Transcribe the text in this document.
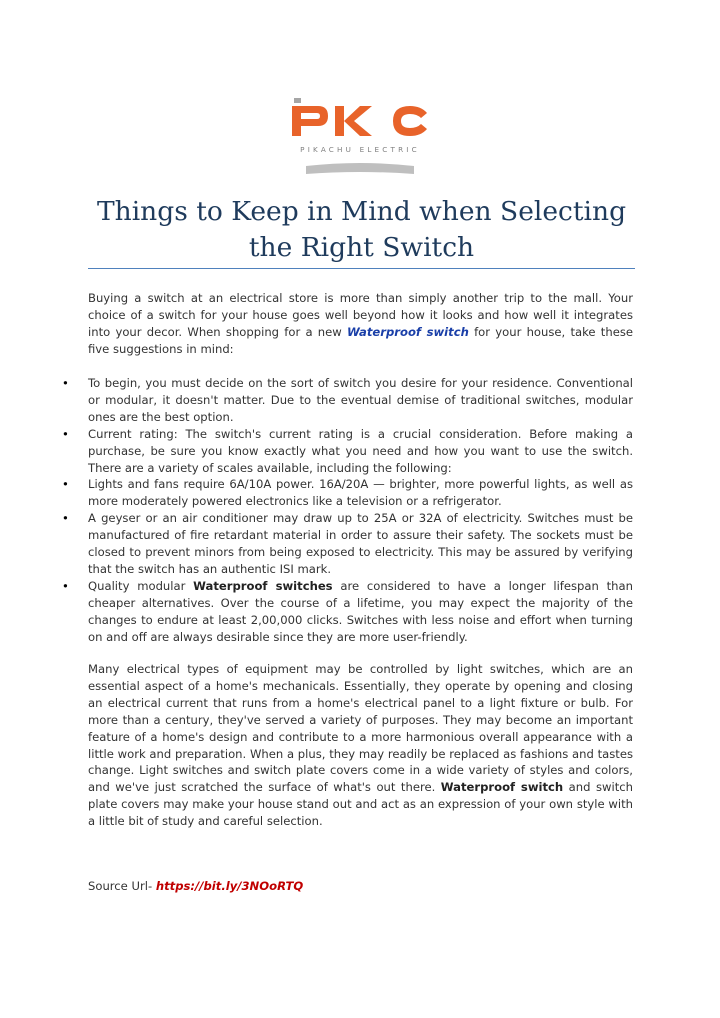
PIKACHU ELECTRIC
Things to Keep in Mind when Selecting the Right Switch

Buying a switch at an electrical store is more than simply another trip to the mall. Your choice of a switch for your house goes well beyond how it looks and how well it integrates into your decor. When shopping for a new Waterproof switch for your house, take these five suggestions in mind:

• To begin, you must decide on the sort of switch you desire for your residence. Conventional or modular, it doesn't matter. Due to the eventual demise of traditional switches, modular ones are the best option.
• Current rating: The switch's current rating is a crucial consideration. Before making a purchase, be sure you know exactly what you need and how you want to use the switch. There are a variety of scales available, including the following:
• Lights and fans require 6A/10A power. 16A/20A — brighter, more powerful lights, as well as more moderately powered electronics like a television or a refrigerator.
• A geyser or an air conditioner may draw up to 25A or 32A of electricity. Switches must be manufactured of fire retardant material in order to assure their safety. The sockets must be closed to prevent minors from being exposed to electricity. This may be assured by verifying that the switch has an authentic ISI mark.
• Quality modular Waterproof switches are considered to have a longer lifespan than cheaper alternatives. Over the course of a lifetime, you may expect the majority of the changes to endure at least 2,00,000 clicks. Switches with less noise and effort when turning on and off are always desirable since they are more user-friendly.

Many electrical types of equipment may be controlled by light switches, which are an essential aspect of a home's mechanicals. Essentially, they operate by opening and closing an electrical current that runs from a home's electrical panel to a light fixture or bulb. For more than a century, they've served a variety of purposes. They may become an important feature of a home's design and contribute to a more harmonious overall appearance with a little work and preparation. When a plus, they may readily be replaced as fashions and tastes change. Light switches and switch plate covers come in a wide variety of styles and colors, and we've just scratched the surface of what's out there. Waterproof switch and switch plate covers may make your house stand out and act as an expression of your own style with a little bit of study and careful selection.

Source Url- https://bit.ly/3NOoRTQ
